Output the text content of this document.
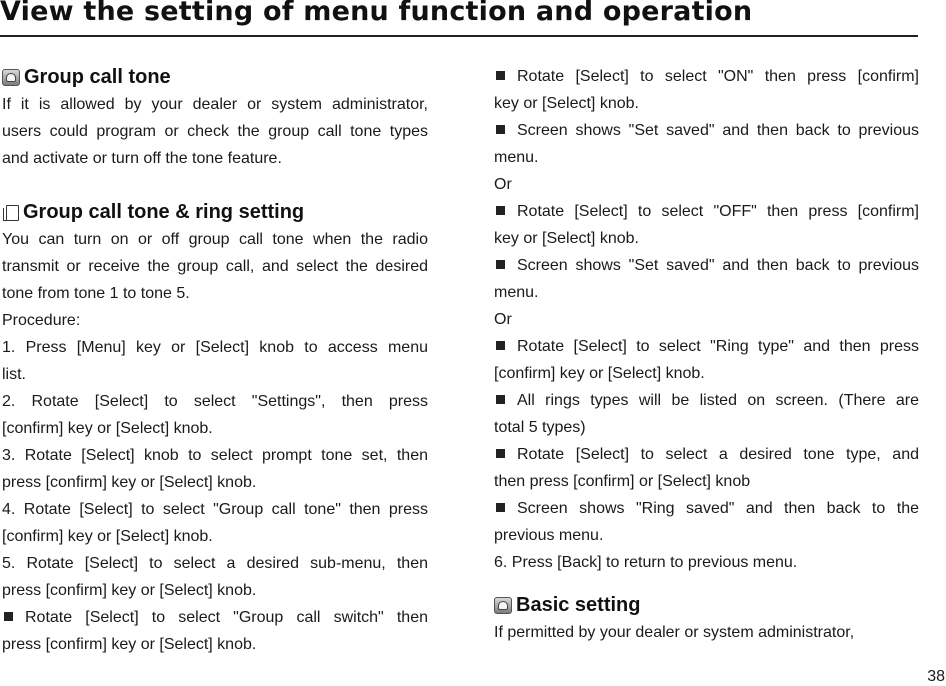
View the setting of menu function and operation
Group call tone
If it is allowed by your dealer or system administrator,
users could program or check the group call tone types
and activate or turn off the tone feature.
Group call tone & ring setting
You can turn on or off group call tone when the radio
transmit or receive the group call, and select the desired
tone from tone 1 to tone 5.
Procedure:
1. Press [Menu] key or [Select] knob to access menu
list.
2. Rotate [Select] to select "Settings", then press
[confirm] key or [Select] knob.
3. Rotate [Select] knob to select prompt tone set, then
press [confirm] key or [Select] knob.
4. Rotate [Select] to select "Group call tone" then press
[confirm] key or [Select] knob.
5. Rotate [Select] to select a desired sub-menu, then
press [confirm] key or [Select] knob.
Rotate [Select] to select "Group call switch" then
press [confirm] key or [Select] knob.
Rotate [Select] to select "ON" then press [confirm]
key or [Select] knob.
Screen shows "Set saved" and then back to previous
menu.
Or
Rotate [Select] to select "OFF" then press [confirm]
key or [Select] knob.
Screen shows "Set saved" and then back to previous
menu.
Or
Rotate [Select] to select "Ring type" and then press
[confirm] key or [Select] knob.
All rings types will be listed on screen. (There are
total 5 types)
Rotate [Select] to select a desired tone type, and
then press [confirm] or [Select] knob
Screen shows "Ring saved" and then back to the
previous menu.
6. Press [Back] to return to previous menu.
Basic setting
If permitted by your dealer or system administrator,
38
